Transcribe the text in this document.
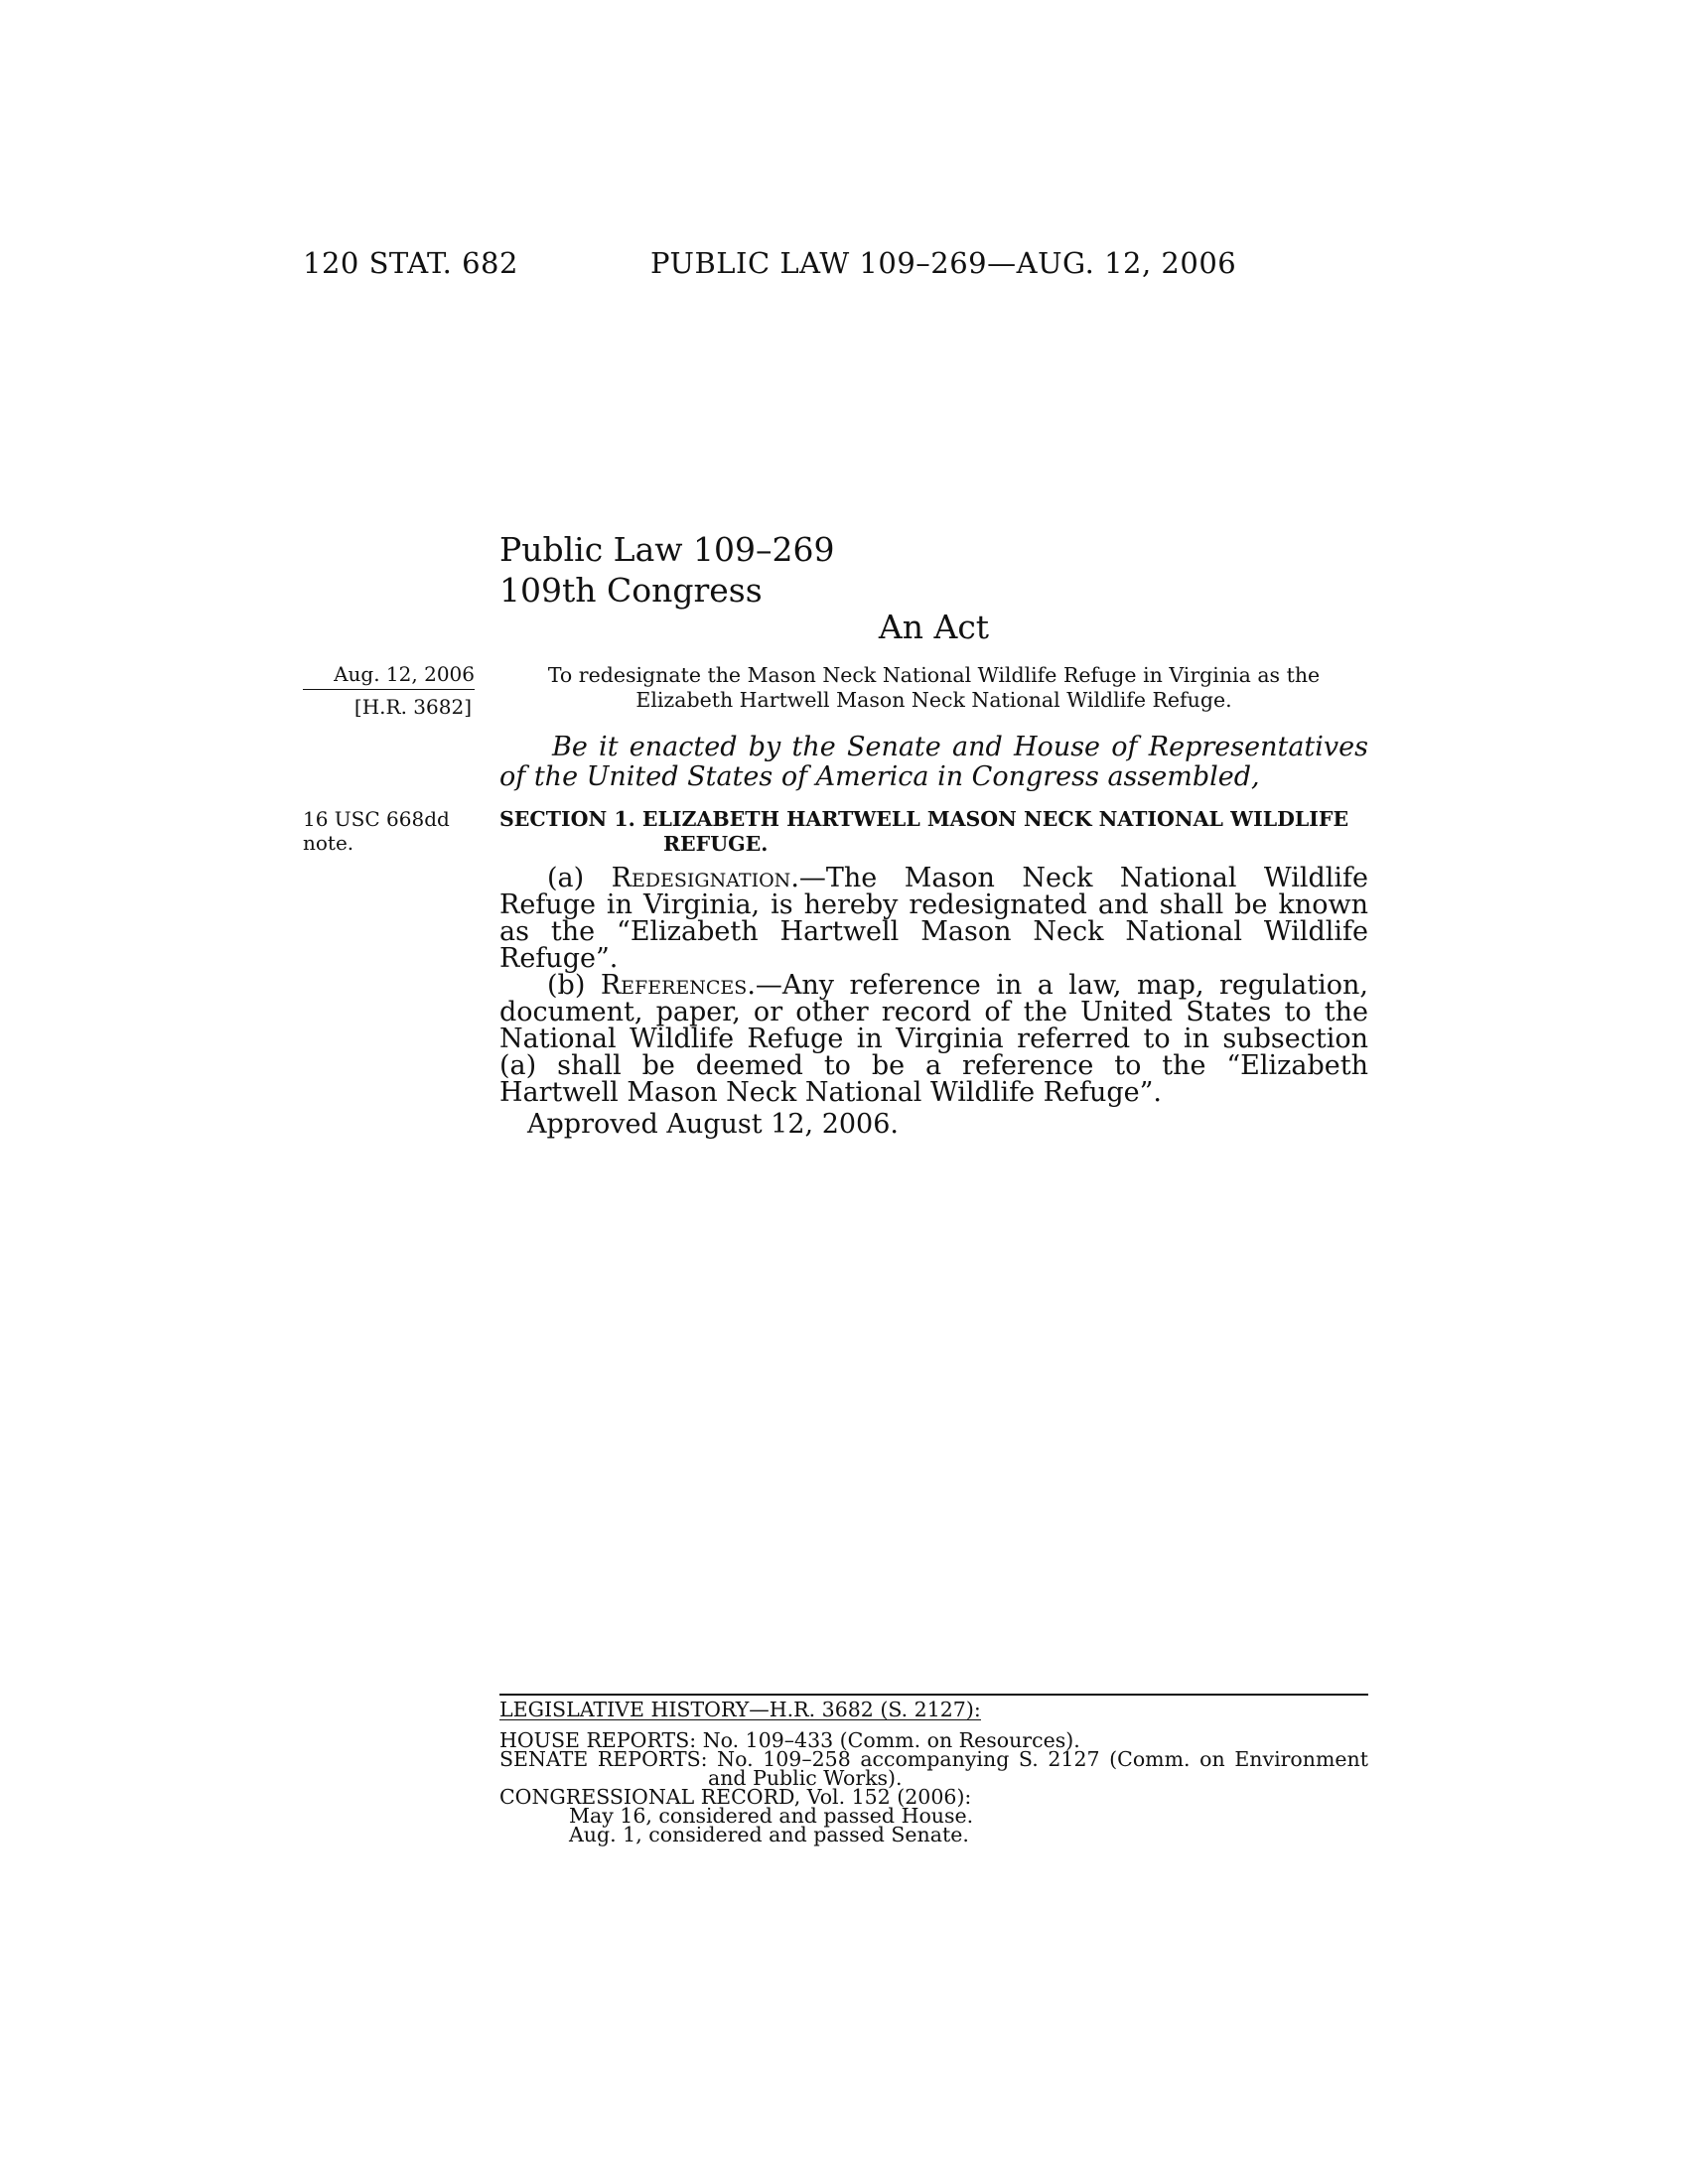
120 STAT. 682	PUBLIC LAW 109–269—AUG. 12, 2006
Public Law 109–269
109th Congress
An Act
Aug. 12, 2006
[H.R. 3682]
16 USC 668dd
note.

To redesignate the Mason Neck National Wildlife Refuge in Virginia as the Elizabeth Hartwell Mason Neck National Wildlife Refuge.

Be it enacted by the Senate and House of Representatives of the United States of America in Congress assembled,

SECTION 1. ELIZABETH HARTWELL MASON NECK NATIONAL WILDLIFE
REFUGE.

(a) Redesignation.—The Mason Neck National Wildlife Refuge in Virginia, is hereby redesignated and shall be known as the “Elizabeth Hartwell Mason Neck National Wildlife Refuge”.

(b) References.—Any reference in a law, map, regulation, document, paper, or other record of the United States to the National Wildlife Refuge in Virginia referred to in subsection (a) shall be deemed to be a reference to the “Elizabeth Hartwell Mason Neck National Wildlife Refuge”.

Approved August 12, 2006.
LEGISLATIVE HISTORY—H.R. 3682 (S. 2127):
HOUSE REPORTS: No. 109–433 (Comm. on Resources).
SENATE REPORTS: No. 109–258 accompanying S. 2127 (Comm. on Environment
and Public Works).
CONGRESSIONAL RECORD, Vol. 152 (2006):
May 16, considered and passed House.
Aug. 1, considered and passed Senate.
